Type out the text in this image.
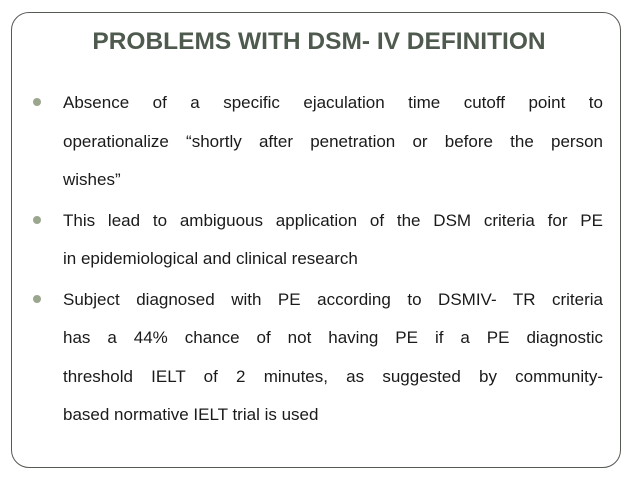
PROBLEMS WITH DSM- IV DEFINITION
Absence of a specific ejaculation time cutoff point to
operationalize “shortly after penetration or before the person
wishes”
This lead to ambiguous application of the DSM criteria for PE
in epidemiological and clinical research
Subject diagnosed with PE according to DSMIV- TR criteria
has a 44% chance of not having PE if a PE diagnostic
threshold IELT of 2 minutes, as suggested by community-
based normative IELT trial is used
